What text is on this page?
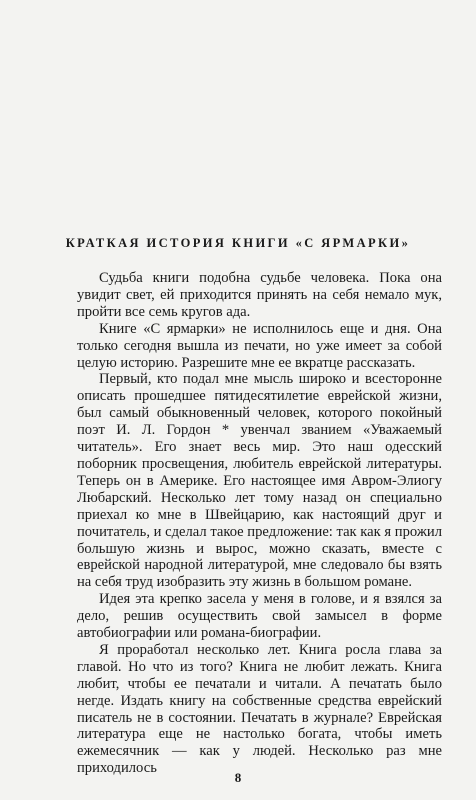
КРАТКАЯ ИСТОРИЯ КНИГИ «С ЯРМАРКИ»

Судьба книги подобна судьбе человека. Пока она увидит свет, ей приходится принять на себя немало мук, пройти все семь кругов ада.

Книге «С ярмарки» не исполнилось еще и дня. Она только сегодня вышла из печати, но уже имеет за собой целую историю. Разрешите мне ее вкратце рассказать.

Первый, кто подал мне мысль широко и всесторонне описать прошедшее пятидесятилетие еврейской жизни, был самый обыкновенный человек, которого покойный поэт И. Л. Гордон * увенчал званием «Уважаемый читатель». Его знает весь мир. Это наш одесский поборник просвещения, любитель еврейской литературы. Теперь он в Америке. Его настоящее имя Авром-Элиогу Любарский. Несколько лет тому назад он специально приехал ко мне в Швейцарию, как настоящий друг и почитатель, и сделал такое предложение: так как я прожил большую жизнь и вырос, можно сказать, вместе с еврейской народной литературой, мне следовало бы взять на себя труд изобразить эту жизнь в большом романе.

Идея эта крепко засела у меня в голове, и я взялся за дело, решив осуществить свой замысел в форме автобиографии или романа-биографии.

Я проработал несколько лет. Книга росла глава за главой. Но что из того? Книга не любит лежать. Книга любит, чтобы ее печатали и читали. А печатать было негде. Издать книгу на собственные средства еврейский писатель не в состоянии. Печатать в журнале? Еврейская литература еще не настолько богата, чтобы иметь ежемесячник — как у людей. Несколько раз мне приходилось

8
